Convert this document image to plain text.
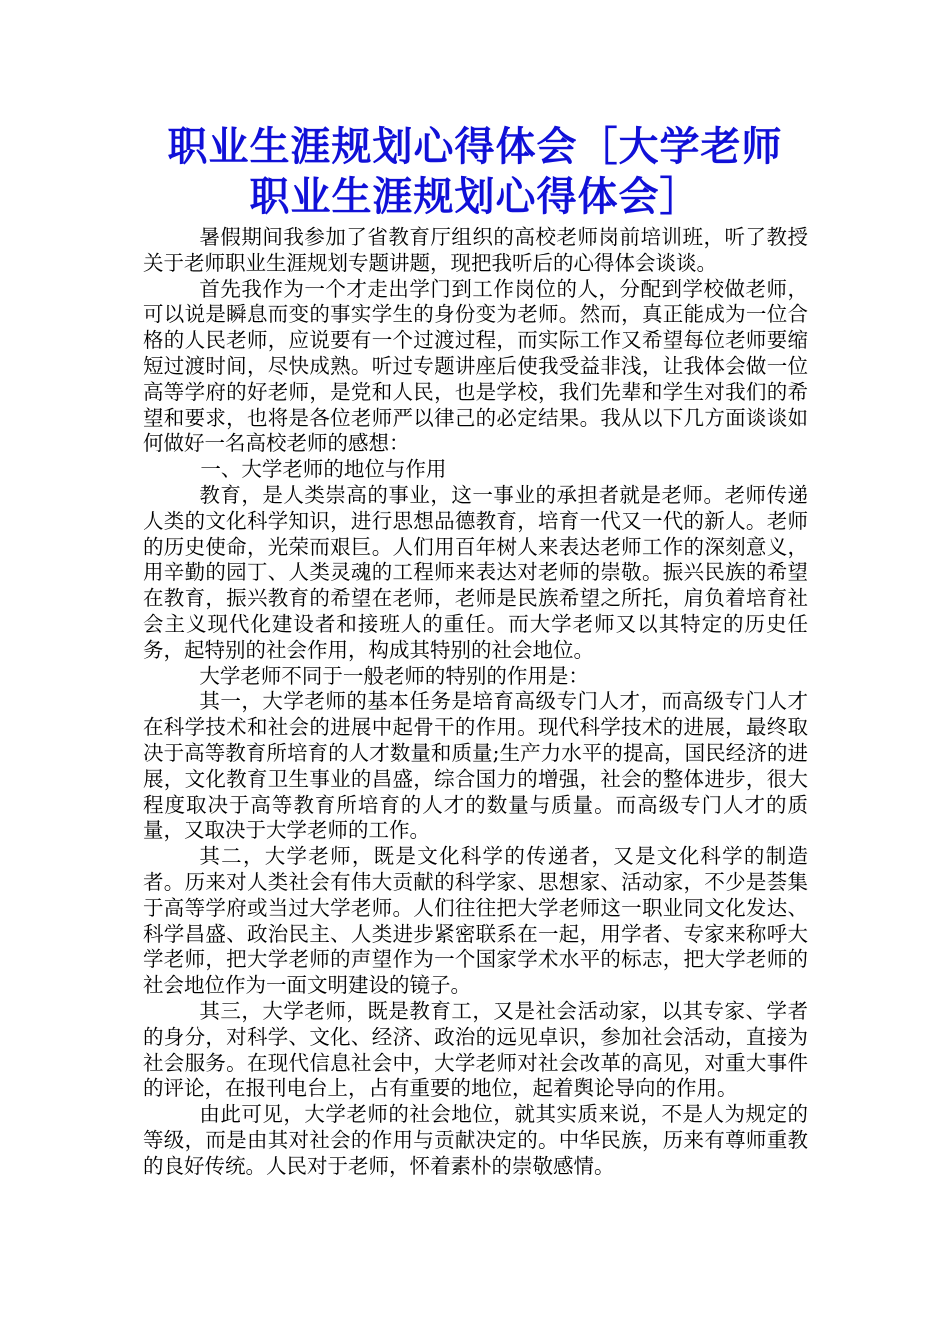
职业生涯规划心得体会［大学老师
职业生涯规划心得体会］

暑假期间我参加了省教育厅组织的高校老师岗前培训班，听了教授关于老师职业生涯规划专题讲题，现把我听后的心得体会谈谈。

首先我作为一个才走出学门到工作岗位的人，分配到学校做老师，可以说是瞬息而变的事实学生的身份变为老师。然而，真正能成为一位合格的人民老师，应说要有一个过渡过程，而实际工作又希望每位老师要缩短过渡时间，尽快成熟。听过专题讲座后使我受益非浅，让我体会做一位高等学府的好老师，是党和人民，也是学校，我们先辈和学生对我们的希望和要求，也将是各位老师严以律己的必定结果。我从以下几方面谈谈如何做好一名高校老师的感想：

一、大学老师的地位与作用

教育，是人类崇高的事业，这一事业的承担者就是老师。老师传递人类的文化科学知识，进行思想品德教育，培育一代又一代的新人。老师的历史使命，光荣而艰巨。人们用百年树人来表达老师工作的深刻意义，用辛勤的园丁、人类灵魂的工程师来表达对老师的崇敬。振兴民族的希望在教育，振兴教育的希望在老师，老师是民族希望之所托，肩负着培育社会主义现代化建设者和接班人的重任。而大学老师又以其特定的历史任务，起特别的社会作用，构成其特别的社会地位。

大学老师不同于一般老师的特别的作用是：

其一，大学老师的基本任务是培育高级专门人才，而高级专门人才在科学技术和社会的进展中起骨干的作用。现代科学技术的进展，最终取决于高等教育所培育的人才数量和质量;生产力水平的提高，国民经济的进展，文化教育卫生事业的昌盛，综合国力的增强，社会的整体进步，很大程度取决于高等教育所培育的人才的数量与质量。而高级专门人才的质量，又取决于大学老师的工作。

其二，大学老师，既是文化科学的传递者，又是文化科学的制造者。历来对人类社会有伟大贡献的科学家、思想家、活动家，不少是荟集于高等学府或当过大学老师。人们往往把大学老师这一职业同文化发达、科学昌盛、政治民主、人类进步紧密联系在一起，用学者、专家来称呼大学老师，把大学老师的声望作为一个国家学术水平的标志，把大学老师的社会地位作为一面文明建设的镜子。

其三，大学老师，既是教育工，又是社会活动家，以其专家、学者的身分，对科学、文化、经济、政治的远见卓识，参加社会活动，直接为社会服务。在现代信息社会中，大学老师对社会改革的高见，对重大事件的评论，在报刊电台上，占有重要的地位，起着舆论导向的作用。

由此可见，大学老师的社会地位，就其实质来说，不是人为规定的等级，而是由其对社会的作用与贡献决定的。中华民族，历来有尊师重教的良好传统。人民对于老师，怀着素朴的崇敬感情。
